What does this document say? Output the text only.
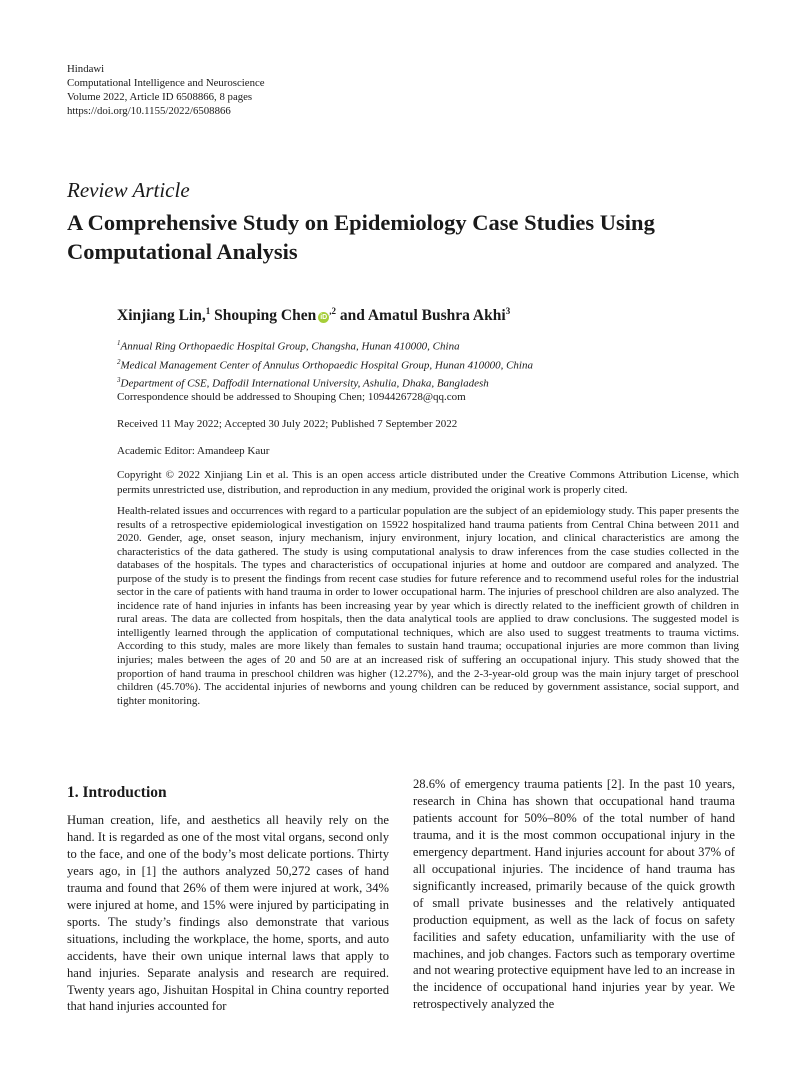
Hindawi
Computational Intelligence and Neuroscience
Volume 2022, Article ID 6508866, 8 pages
https://doi.org/10.1155/2022/6508866
Review Article
A Comprehensive Study on Epidemiology Case Studies Using Computational Analysis
Xinjiang Lin,$^1$ Shouping Chen $iD^{,2}$ and Amatul Bushra Akhi$^3$
$^1$Annual Ring Orthopaedic Hospital Group, Changsha, Hunan 410000, China
$^2$Medical Management Center of Annulus Orthopaedic Hospital Group, Hunan 410000, China
$^3$Department of CSE, Daffodil International University, Ashulia, Dhaka, Bangladesh
Correspondence should be addressed to Shouping Chen; 1094426728@qq.com
Received 11 May 2022; Accepted 30 July 2022; Published 7 September 2022
Academic Editor: Amandeep Kaur
Copyright © 2022 Xinjiang Lin et al. This is an open access article distributed under the Creative Commons Attribution License, which permits unrestricted use, distribution, and reproduction in any medium, provided the original work is properly cited.
Health-related issues and occurrences with regard to a particular population are the subject of an epidemiology study. This paper presents the results of a retrospective epidemiological investigation on 15922 hospitalized hand trauma patients from Central China between 2011 and 2020. Gender, age, onset season, injury mechanism, injury environment, injury location, and clinical characteristics are among the characteristics of the data gathered. The study is using computational analysis to draw inferences from the case studies collected in the databases of the hospitals. The types and characteristics of occupational injuries at home and outdoor are compared and analyzed. The purpose of the study is to present the findings from recent case studies for future reference and to recommend useful roles for the industrial sector in the care of patients with hand trauma in order to lower occupational harm. The injuries of preschool children are also analyzed. The incidence rate of hand injuries in infants has been increasing year by year which is directly related to the inefficient growth of children in rural areas. The data are collected from hospitals, then the data analytical tools are applied to draw conclusions. The suggested model is intelligently learned through the application of computational techniques, which are also used to suggest treatments to trauma victims. According to this study, males are more likely than females to sustain hand trauma; occupational injuries are more common than living injuries; males between the ages of 20 and 50 are at an increased risk of suffering an occupational injury. This study showed that the proportion of hand trauma in preschool children was higher (12.27%), and the 2-3-year-old group was the main injury target of preschool children (45.70%). The accidental injuries of newborns and young children can be reduced by government assistance, social support, and tighter monitoring.
1. Introduction
Human creation, life, and aesthetics all heavily rely on the hand. It is regarded as one of the most vital organs, second only to the face, and one of the body’s most delicate portions. Thirty years ago, in [1] the authors analyzed 50,272 cases of hand trauma and found that 26% of them were injured at work, 34% were injured at home, and 15% were injured by participating in sports. The study’s findings also demonstrate that various situations, including the workplace, the home, sports, and auto accidents, have their own unique internal laws that apply to hand injuries. Separate analysis and research are required. Twenty years ago, Jishuitan Hospital in China country reported that hand injuries accounted for
28.6% of emergency trauma patients [2]. In the past 10 years, research in China has shown that occupational hand trauma patients account for 50%–80% of the total number of hand trauma, and it is the most common occupational injury in the emergency department. Hand injuries account for about 37% of all occupational injuries. The incidence of hand trauma has significantly increased, primarily because of the quick growth of small private businesses and the relatively antiquated production equipment, as well as the lack of focus on safety facilities and safety education, unfamiliarity with the use of machines, and job changes. Factors such as temporary overtime and not wearing protective equipment have led to an increase in the incidence of occupational hand injuries year by year. We retrospectively analyzed the
